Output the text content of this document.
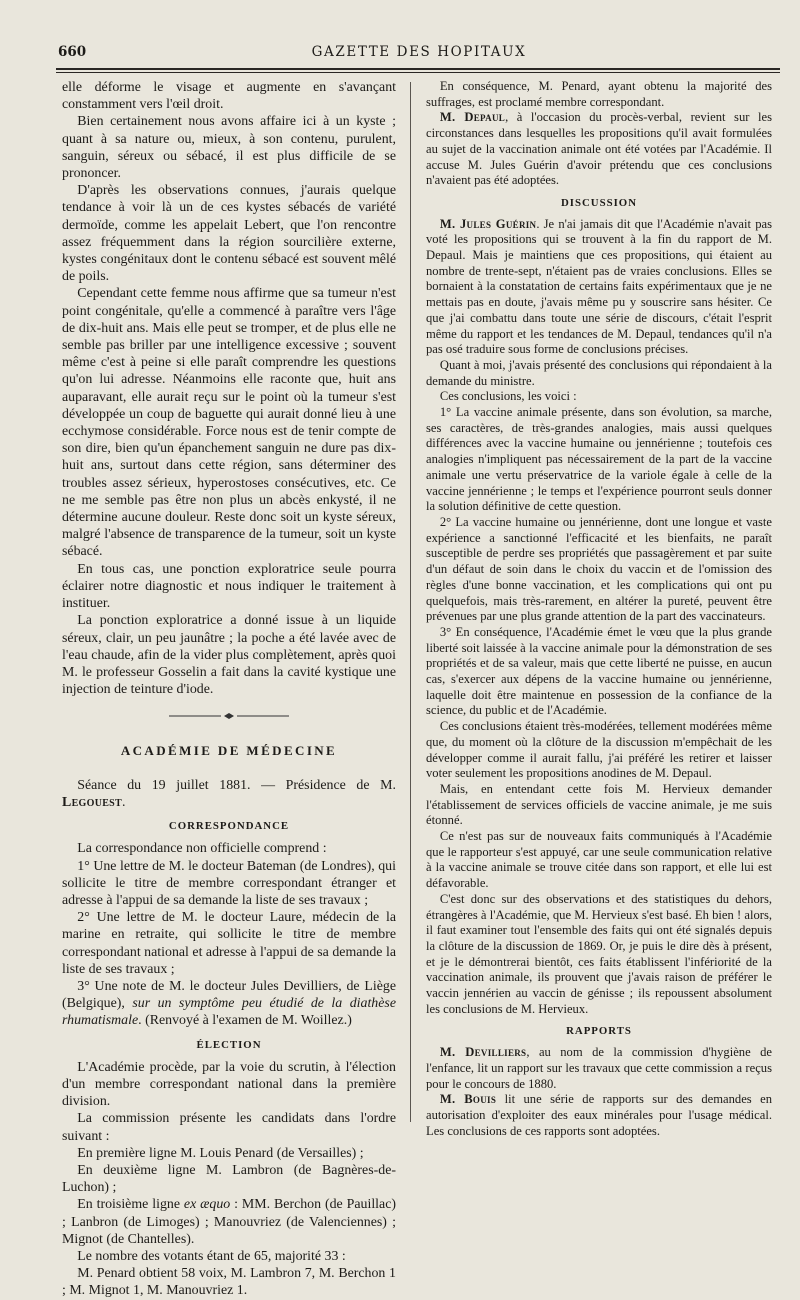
660	GAZETTE DES HOPITAUX

elle déforme le visage et augmente en s'avançant constamment vers l'œil droit.

Bien certainement nous avons affaire ici à un kyste ; quant à sa nature ou, mieux, à son contenu, purulent, sanguin, séreux ou sébacé, il est plus difficile de se prononcer.

D'après les observations connues, j'aurais quelque tendance à voir là un de ces kystes sébacés de variété dermoïde, comme les appelait Lebert, que l'on rencontre assez fréquemment dans la région sourcilière externe, kystes congénitaux dont le contenu sébacé est souvent mêlé de poils.

Cependant cette femme nous affirme que sa tumeur n'est point congénitale, qu'elle a commencé à paraître vers l'âge de dix-huit ans. Mais elle peut se tromper, et de plus elle ne semble pas briller par une intelligence excessive ; souvent même c'est à peine si elle paraît comprendre les questions qu'on lui adresse. Néanmoins elle raconte que, huit ans auparavant, elle aurait reçu sur le point où la tumeur s'est développée un coup de baguette qui aurait donné lieu à une ecchymose considérable. Force nous est de tenir compte de son dire, bien qu'un épanchement sanguin ne dure pas dix-huit ans, surtout dans cette région, sans déterminer des troubles assez sérieux, hyperostoses consécutives, etc. Ce ne me semble pas être non plus un abcès enkysté, il ne détermine aucune douleur. Reste donc soit un kyste séreux, malgré l'absence de transparence de la tumeur, soit un kyste sébacé.

En tous cas, une ponction exploratrice seule pourra éclairer notre diagnostic et nous indiquer le traitement à instituer.

La ponction exploratrice a donné issue à un liquide séreux, clair, un peu jaunâtre ; la poche a été lavée avec de l'eau chaude, afin de la vider plus complètement, après quoi M. le professeur Gosselin a fait dans la cavité kystique une injection de teinture d'iode.

ACADÉMIE DE MÉDECINE

Séance du 19 juillet 1881. — Présidence de M. Legouest.

CORRESPONDANCE

La correspondance non officielle comprend :

1° Une lettre de M. le docteur Bateman (de Londres), qui sollicite le titre de membre correspondant étranger et adresse à l'appui de sa demande la liste de ses travaux ;

2° Une lettre de M. le docteur Laure, médecin de la marine en retraite, qui sollicite le titre de membre correspondant national et adresse à l'appui de sa demande la liste de ses travaux ;

3° Une note de M. le docteur Jules Devilliers, de Liège (Belgique), sur un symptôme peu étudié de la diathèse rhumatismale. (Renvoyé à l'examen de M. Woillez.)

ÉLECTION

L'Académie procède, par la voie du scrutin, à l'élection d'un membre correspondant national dans la première division.

La commission présente les candidats dans l'ordre suivant :

En première ligne M. Louis Penard (de Versailles) ;

En deuxième ligne M. Lambron (de Bagnères-de-Luchon) ;

En troisième ligne ex æquo : MM. Berchon (de Pauillac) ; Lanbron (de Limoges) ; Manouvriez (de Valenciennes) ; Mignot (de Chantelles).

Le nombre des votants étant de 65, majorité 33 :

M. Penard obtient 58 voix, M. Lambron 7, M. Berchon 1 ; M. Mignot 1, M. Manouvriez 1.

En conséquence, M. Penard, ayant obtenu la majorité des suffrages, est proclamé membre correspondant.

M. Depaul, à l'occasion du procès-verbal, revient sur les circonstances dans lesquelles les propositions qu'il avait formulées au sujet de la vaccination animale ont été votées par l'Académie. Il accuse M. Jules Guérin d'avoir prétendu que ces conclusions n'avaient pas été adoptées.

DISCUSSION

M. Jules Guérin. Je n'ai jamais dit que l'Académie n'avait pas voté les propositions qui se trouvent à la fin du rapport de M. Depaul. Mais je maintiens que ces propositions, qui étaient au nombre de trente-sept, n'étaient pas de vraies conclusions. Elles se bornaient à la constatation de certains faits expérimentaux que je ne mettais pas en doute, j'avais même pu y souscrire sans hésiter. Ce que j'ai combattu dans toute une série de discours, c'était l'esprit même du rapport et les tendances de M. Depaul, tendances qu'il n'a pas osé traduire sous forme de conclusions précises.

Quant à moi, j'avais présenté des conclusions qui répondaient à la demande du ministre.

Ces conclusions, les voici :

1° La vaccine animale présente, dans son évolution, sa marche, ses caractères, de très-grandes analogies, mais aussi quelques différences avec la vaccine humaine ou jennérienne ; toutefois ces analogies n'impliquent pas nécessairement de la part de la vaccine animale une vertu préservatrice de la variole égale à celle de la vaccine jennérienne ; le temps et l'expérience pourront seuls donner la solution définitive de cette question.

2° La vaccine humaine ou jennérienne, dont une longue et vaste expérience a sanctionné l'efficacité et les bienfaits, ne paraît susceptible de perdre ses propriétés que passagèrement et par suite d'un défaut de soin dans le choix du vaccin et de l'omission des règles d'une bonne vaccination, et les complications qui ont pu quelquefois, mais très-rarement, en altérer la pureté, peuvent être prévenues par une plus grande attention de la part des vaccinateurs.

3° En conséquence, l'Académie émet le vœu que la plus grande liberté soit laissée à la vaccine animale pour la démonstration de ses propriétés et de sa valeur, mais que cette liberté ne puisse, en aucun cas, s'exercer aux dépens de la vaccine humaine ou jennérienne, laquelle doit être maintenue en possession de la confiance de la science, du public et de l'Académie.

Ces conclusions étaient très-modérées, tellement modérées même que, du moment où la clôture de la discussion m'empêchait de les développer comme il aurait fallu, j'ai préféré les retirer et laisser voter seulement les propositions anodines de M. Depaul.

Mais, en entendant cette fois M. Hervieux demander l'établissement de services officiels de vaccine animale, je me suis étonné.

Ce n'est pas sur de nouveaux faits communiqués à l'Académie que le rapporteur s'est appuyé, car une seule communication relative à la vaccine animale se trouve citée dans son rapport, et elle lui est défavorable.

C'est donc sur des observations et des statistiques du dehors, étrangères à l'Académie, que M. Hervieux s'est basé. Eh bien ! alors, il faut examiner tout l'ensemble des faits qui ont été signalés depuis la clôture de la discussion de 1869. Or, je puis le dire dès à présent, et je le démontrerai bientôt, ces faits établissent l'infériorité de la vaccination animale, ils prouvent que j'avais raison de préférer le vaccin jennérien au vaccin de génisse ; ils repoussent absolument les conclusions de M. Hervieux.

RAPPORTS

M. Devilliers, au nom de la commission d'hygiène de l'enfance, lit un rapport sur les travaux que cette commission a reçus pour le concours de 1880.

M. Bouis lit une série de rapports sur des demandes en autorisation d'exploiter des eaux minérales pour l'usage médical. Les conclusions de ces rapports sont adoptées.
